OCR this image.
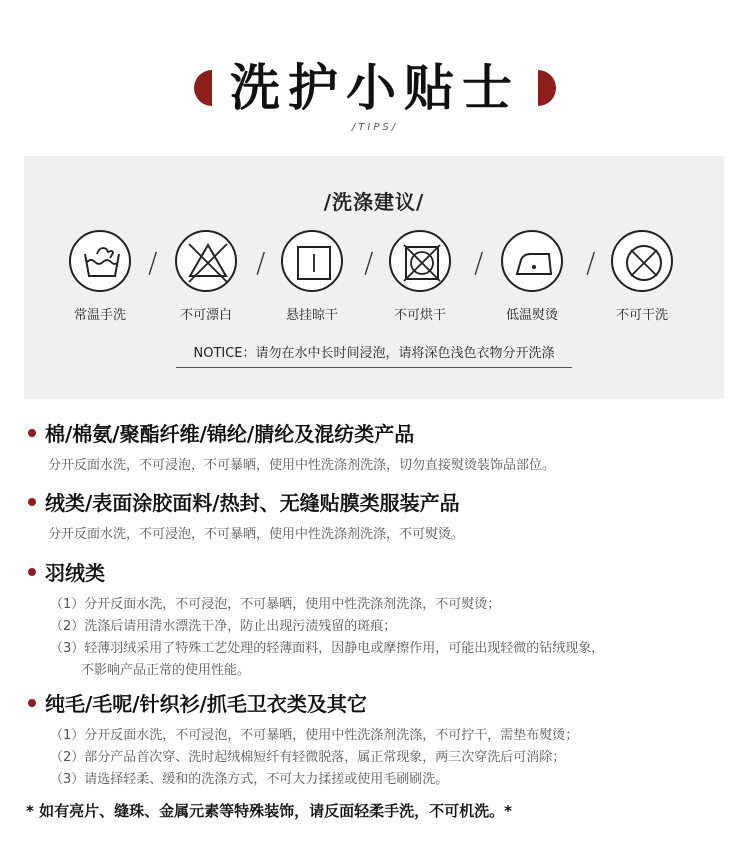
洗护小贴士
/TIPS/
/洗涤建议/
常温手洗
/
不可漂白
/
悬挂晾干
/
不可烘干
/
低温熨烫
/
不可干洗
NOTICE：请勿在水中长时间浸泡，请将深色浅色衣物分开洗涤
棉/棉氨/聚酯纤维/锦纶/腈纶及混纺类产品
分开反面水洗，不可浸泡，不可暴晒，使用中性洗涤剂洗涤，切勿直接熨烫装饰品部位。
绒类/表面涂胶面料/热封、无缝贴膜类服装产品
分开反面水洗，不可浸泡，不可暴晒，使用中性洗涤剂洗涤，不可熨烫。
羽绒类
（1）分开反面水洗，不可浸泡，不可暴晒，使用中性洗涤剂洗涤，不可熨烫；
（2）洗涤后请用清水漂洗干净，防止出现污渍残留的斑痕；
（3）轻薄羽绒采用了特殊工艺处理的轻薄面料，因静电或摩擦作用，可能出现轻微的钻绒现象，
不影响产品正常的使用性能。
纯毛/毛呢/针织衫/抓毛卫衣类及其它
（1）分开反面水洗，不可浸泡，不可暴晒，使用中性洗涤剂洗涤，不可拧干，需垫布熨烫；
（2）部分产品首次穿、洗时起绒棉短纤有轻微脱落，属正常现象，两三次穿洗后可消除；
（3）请选择轻柔、缓和的洗涤方式，不可大力揉搓或使用毛刷刷洗。
* 如有亮片、缝珠、金属元素等特殊装饰，请反面轻柔手洗，不可机洗。*
